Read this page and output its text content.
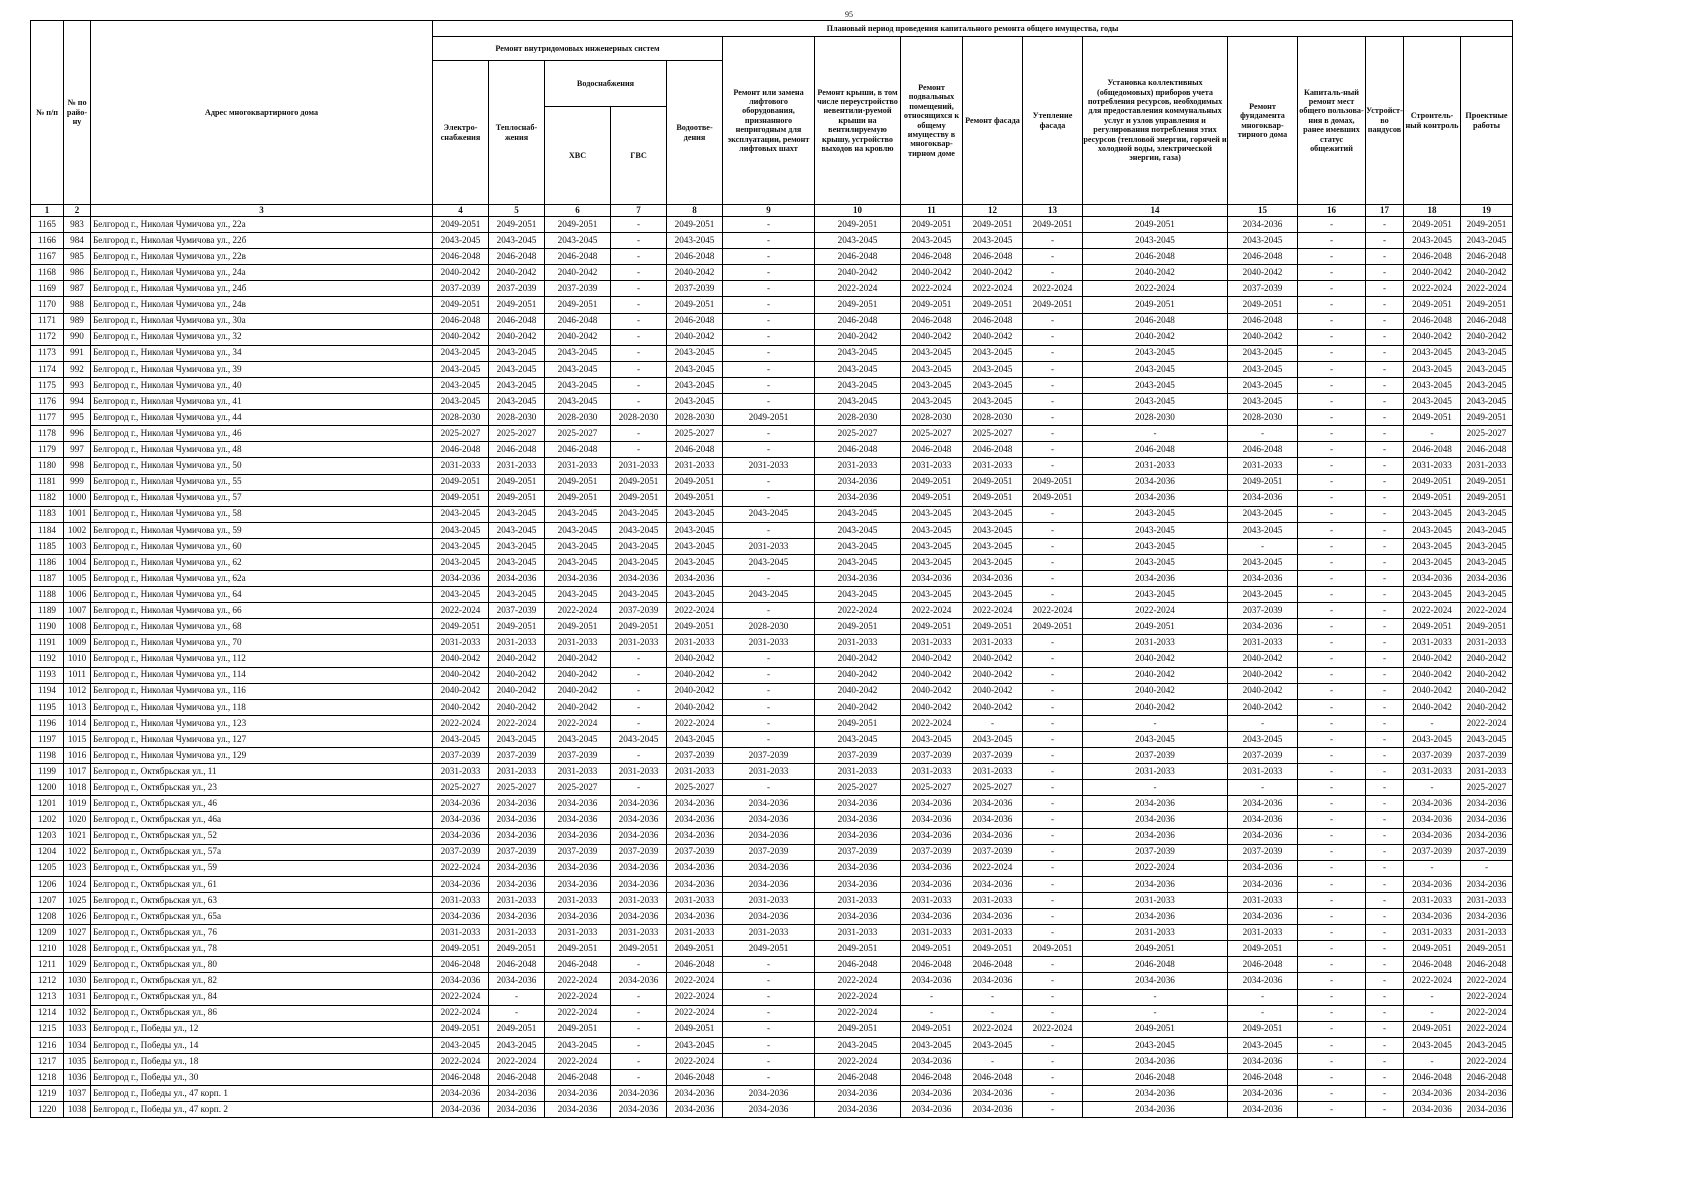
95
№ п/п	№ по райо-ну	Адрес многоквартирного дома	Плановый период проведения капитального ремонта общего имущества, годы															
			Ремонт внутридомовых инженерных систем					Ремонт или замена лифтового оборудования, признанного непригодным для эксплуатации, ремонт лифтовых шахт	Ремонт крыши, в том числе переустройство невентили-руемой крыши на вентилируемую крышу, устройство выходов на кровлю	Ремонт подвальных помещений, относящихся к общему имуществу в многоквар-тирном доме	Ремонт фасада	Утепление фасада	Установка коллективных (общедомовых) приборов учета потребления ресурсов, необходимых для предоставления коммунальных услуг и узлов управления и регулирования потребления этих ресурсов (тепловой энергии, горячей и холодной воды, электрической энергии, газа)	Ремонт фундамента многоквар-тирного дома	Капиталь-ный ремонт мест общего пользова-ния в домах, ранее имевших статус общежитий	Устройст-во пандусов	Строитель-ный контроль	Проектные работы
			Электро-снабжения	Теплоснаб-жения	Водоснабжения		Водоотве-дения											
					ХВС	ГВС												
1	2	3	4	5	6	7	8	9	10	11	12	13	14	15	16	17	18	19
1165	983	Белгород г., Николая Чумичова ул., 22а	2049-2051	2049-2051	2049-2051	-	2049-2051	-	2049-2051	2049-2051	2049-2051	2049-2051	2049-2051	2034-2036	-	-	2049-2051	2049-2051
1166	984	Белгород г., Николая Чумичова ул., 22б	2043-2045	2043-2045	2043-2045	-	2043-2045	-	2043-2045	2043-2045	2043-2045	-	2043-2045	2043-2045	-	-	2043-2045	2043-2045
1167	985	Белгород г., Николая Чумичова ул., 22в	2046-2048	2046-2048	2046-2048	-	2046-2048	-	2046-2048	2046-2048	2046-2048	-	2046-2048	2046-2048	-	-	2046-2048	2046-2048
1168	986	Белгород г., Николая Чумичова ул., 24а	2040-2042	2040-2042	2040-2042	-	2040-2042	-	2040-2042	2040-2042	2040-2042	-	2040-2042	2040-2042	-	-	2040-2042	2040-2042
1169	987	Белгород г., Николая Чумичова ул., 24б	2037-2039	2037-2039	2037-2039	-	2037-2039	-	2022-2024	2022-2024	2022-2024	2022-2024	2022-2024	2037-2039	-	-	2022-2024	2022-2024
1170	988	Белгород г., Николая Чумичова ул., 24в	2049-2051	2049-2051	2049-2051	-	2049-2051	-	2049-2051	2049-2051	2049-2051	2049-2051	2049-2051	2049-2051	-	-	2049-2051	2049-2051
1171	989	Белгород г., Николая Чумичова ул., 30а	2046-2048	2046-2048	2046-2048	-	2046-2048	-	2046-2048	2046-2048	2046-2048	-	2046-2048	2046-2048	-	-	2046-2048	2046-2048
1172	990	Белгород г., Николая Чумичова ул., 32	2040-2042	2040-2042	2040-2042	-	2040-2042	-	2040-2042	2040-2042	2040-2042	-	2040-2042	2040-2042	-	-	2040-2042	2040-2042
1173	991	Белгород г., Николая Чумичова ул., 34	2043-2045	2043-2045	2043-2045	-	2043-2045	-	2043-2045	2043-2045	2043-2045	-	2043-2045	2043-2045	-	-	2043-2045	2043-2045
1174	992	Белгород г., Николая Чумичова ул., 39	2043-2045	2043-2045	2043-2045	-	2043-2045	-	2043-2045	2043-2045	2043-2045	-	2043-2045	2043-2045	-	-	2043-2045	2043-2045
1175	993	Белгород г., Николая Чумичова ул., 40	2043-2045	2043-2045	2043-2045	-	2043-2045	-	2043-2045	2043-2045	2043-2045	-	2043-2045	2043-2045	-	-	2043-2045	2043-2045
1176	994	Белгород г., Николая Чумичова ул., 41	2043-2045	2043-2045	2043-2045	-	2043-2045	-	2043-2045	2043-2045	2043-2045	-	2043-2045	2043-2045	-	-	2043-2045	2043-2045
1177	995	Белгород г., Николая Чумичова ул., 44	2028-2030	2028-2030	2028-2030	2028-2030	2028-2030	2049-2051	2028-2030	2028-2030	2028-2030	-	2028-2030	2028-2030	-	-	2049-2051	2049-2051
1178	996	Белгород г., Николая Чумичова ул., 46	2025-2027	2025-2027	2025-2027	-	2025-2027	-	2025-2027	2025-2027	2025-2027	-	-	-	-	-	-	2025-2027
1179	997	Белгород г., Николая Чумичова ул., 48	2046-2048	2046-2048	2046-2048	-	2046-2048	-	2046-2048	2046-2048	2046-2048	-	2046-2048	2046-2048	-	-	2046-2048	2046-2048
1180	998	Белгород г., Николая Чумичова ул., 50	2031-2033	2031-2033	2031-2033	2031-2033	2031-2033	2031-2033	2031-2033	2031-2033	2031-2033	-	2031-2033	2031-2033	-	-	2031-2033	2031-2033
1181	999	Белгород г., Николая Чумичова ул., 55	2049-2051	2049-2051	2049-2051	2049-2051	2049-2051	-	2034-2036	2049-2051	2049-2051	2049-2051	2034-2036	2049-2051	-	-	2049-2051	2049-2051
1182	1000	Белгород г., Николая Чумичова ул., 57	2049-2051	2049-2051	2049-2051	2049-2051	2049-2051	-	2034-2036	2049-2051	2049-2051	2049-2051	2034-2036	2034-2036	-	-	2049-2051	2049-2051
1183	1001	Белгород г., Николая Чумичова ул., 58	2043-2045	2043-2045	2043-2045	2043-2045	2043-2045	2043-2045	2043-2045	2043-2045	2043-2045	-	2043-2045	2043-2045	-	-	2043-2045	2043-2045
1184	1002	Белгород г., Николая Чумичова ул., 59	2043-2045	2043-2045	2043-2045	2043-2045	2043-2045	-	2043-2045	2043-2045	2043-2045	-	2043-2045	2043-2045	-	-	2043-2045	2043-2045
1185	1003	Белгород г., Николая Чумичова ул., 60	2043-2045	2043-2045	2043-2045	2043-2045	2043-2045	2031-2033	2043-2045	2043-2045	2043-2045	-	2043-2045	-	-	-	2043-2045	2043-2045
1186	1004	Белгород г., Николая Чумичова ул., 62	2043-2045	2043-2045	2043-2045	2043-2045	2043-2045	2043-2045	2043-2045	2043-2045	2043-2045	-	2043-2045	2043-2045	-	-	2043-2045	2043-2045
1187	1005	Белгород г., Николая Чумичова ул., 62а	2034-2036	2034-2036	2034-2036	2034-2036	2034-2036	-	2034-2036	2034-2036	2034-2036	-	2034-2036	2034-2036	-	-	2034-2036	2034-2036
1188	1006	Белгород г., Николая Чумичова ул., 64	2043-2045	2043-2045	2043-2045	2043-2045	2043-2045	2043-2045	2043-2045	2043-2045	2043-2045	-	2043-2045	2043-2045	-	-	2043-2045	2043-2045
1189	1007	Белгород г., Николая Чумичова ул., 66	2022-2024	2037-2039	2022-2024	2037-2039	2022-2024	-	2022-2024	2022-2024	2022-2024	2022-2024	2022-2024	2037-2039	-	-	2022-2024	2022-2024
1190	1008	Белгород г., Николая Чумичова ул., 68	2049-2051	2049-2051	2049-2051	2049-2051	2049-2051	2028-2030	2049-2051	2049-2051	2049-2051	2049-2051	2049-2051	2034-2036	-	-	2049-2051	2049-2051
1191	1009	Белгород г., Николая Чумичова ул., 70	2031-2033	2031-2033	2031-2033	2031-2033	2031-2033	2031-2033	2031-2033	2031-2033	2031-2033	-	2031-2033	2031-2033	-	-	2031-2033	2031-2033
1192	1010	Белгород г., Николая Чумичова ул., 112	2040-2042	2040-2042	2040-2042	-	2040-2042	-	2040-2042	2040-2042	2040-2042	-	2040-2042	2040-2042	-	-	2040-2042	2040-2042
1193	1011	Белгород г., Николая Чумичова ул., 114	2040-2042	2040-2042	2040-2042	-	2040-2042	-	2040-2042	2040-2042	2040-2042	-	2040-2042	2040-2042	-	-	2040-2042	2040-2042
1194	1012	Белгород г., Николая Чумичова ул., 116	2040-2042	2040-2042	2040-2042	-	2040-2042	-	2040-2042	2040-2042	2040-2042	-	2040-2042	2040-2042	-	-	2040-2042	2040-2042
1195	1013	Белгород г., Николая Чумичова ул., 118	2040-2042	2040-2042	2040-2042	-	2040-2042	-	2040-2042	2040-2042	2040-2042	-	2040-2042	2040-2042	-	-	2040-2042	2040-2042
1196	1014	Белгород г., Николая Чумичова ул., 123	2022-2024	2022-2024	2022-2024	-	2022-2024	-	2049-2051	2022-2024	-	-	-	-	-	-	-	2022-2024
1197	1015	Белгород г., Николая Чумичова ул., 127	2043-2045	2043-2045	2043-2045	2043-2045	2043-2045	-	2043-2045	2043-2045	2043-2045	-	2043-2045	2043-2045	-	-	2043-2045	2043-2045
1198	1016	Белгород г., Николая Чумичова ул., 129	2037-2039	2037-2039	2037-2039	-	2037-2039	2037-2039	2037-2039	2037-2039	2037-2039	-	2037-2039	2037-2039	-	-	2037-2039	2037-2039
1199	1017	Белгород г., Октябрьская ул., 11	2031-2033	2031-2033	2031-2033	2031-2033	2031-2033	2031-2033	2031-2033	2031-2033	2031-2033	-	2031-2033	2031-2033	-	-	2031-2033	2031-2033
1200	1018	Белгород г., Октябрьская ул., 23	2025-2027	2025-2027	2025-2027	-	2025-2027	-	2025-2027	2025-2027	2025-2027	-	-	-	-	-	-	2025-2027
1201	1019	Белгород г., Октябрьская ул., 46	2034-2036	2034-2036	2034-2036	2034-2036	2034-2036	2034-2036	2034-2036	2034-2036	2034-2036	-	2034-2036	2034-2036	-	-	2034-2036	2034-2036
1202	1020	Белгород г., Октябрьская ул., 46а	2034-2036	2034-2036	2034-2036	2034-2036	2034-2036	2034-2036	2034-2036	2034-2036	2034-2036	-	2034-2036	2034-2036	-	-	2034-2036	2034-2036
1203	1021	Белгород г., Октябрьская ул., 52	2034-2036	2034-2036	2034-2036	2034-2036	2034-2036	2034-2036	2034-2036	2034-2036	2034-2036	-	2034-2036	2034-2036	-	-	2034-2036	2034-2036
1204	1022	Белгород г., Октябрьская ул., 57а	2037-2039	2037-2039	2037-2039	2037-2039	2037-2039	2037-2039	2037-2039	2037-2039	2037-2039	-	2037-2039	2037-2039	-	-	2037-2039	2037-2039
1205	1023	Белгород г., Октябрьская ул., 59	2022-2024	2034-2036	2034-2036	2034-2036	2034-2036	2034-2036	2034-2036	2034-2036	2022-2024	-	2022-2024	2034-2036	-	-	-	-
1206	1024	Белгород г., Октябрьская ул., 61	2034-2036	2034-2036	2034-2036	2034-2036	2034-2036	2034-2036	2034-2036	2034-2036	2034-2036	-	2034-2036	2034-2036	-	-	2034-2036	2034-2036
1207	1025	Белгород г., Октябрьская ул., 63	2031-2033	2031-2033	2031-2033	2031-2033	2031-2033	2031-2033	2031-2033	2031-2033	2031-2033	-	2031-2033	2031-2033	-	-	2031-2033	2031-2033
1208	1026	Белгород г., Октябрьская ул., 65а	2034-2036	2034-2036	2034-2036	2034-2036	2034-2036	2034-2036	2034-2036	2034-2036	2034-2036	-	2034-2036	2034-2036	-	-	2034-2036	2034-2036
1209	1027	Белгород г., Октябрьская ул., 76	2031-2033	2031-2033	2031-2033	2031-2033	2031-2033	2031-2033	2031-2033	2031-2033	2031-2033	-	2031-2033	2031-2033	-	-	2031-2033	2031-2033
1210	1028	Белгород г., Октябрьская ул., 78	2049-2051	2049-2051	2049-2051	2049-2051	2049-2051	2049-2051	2049-2051	2049-2051	2049-2051	2049-2051	2049-2051	2049-2051	-	-	2049-2051	2049-2051
1211	1029	Белгород г., Октябрьская ул., 80	2046-2048	2046-2048	2046-2048	-	2046-2048	-	2046-2048	2046-2048	2046-2048	-	2046-2048	2046-2048	-	-	2046-2048	2046-2048
1212	1030	Белгород г., Октябрьская ул., 82	2034-2036	2034-2036	2022-2024	2034-2036	2022-2024	-	2022-2024	2034-2036	2034-2036	-	2034-2036	2034-2036	-	-	2022-2024	2022-2024
1213	1031	Белгород г., Октябрьская ул., 84	2022-2024	-	2022-2024	-	2022-2024	-	2022-2024	-	-	-	-	-	-	-	-	2022-2024
1214	1032	Белгород г., Октябрьская ул., 86	2022-2024	-	2022-2024	-	2022-2024	-	2022-2024	-	-	-	-	-	-	-	-	2022-2024
1215	1033	Белгород г., Победы ул., 12	2049-2051	2049-2051	2049-2051	-	2049-2051	-	2049-2051	2049-2051	2022-2024	2022-2024	2049-2051	2049-2051	-	-	2049-2051	2022-2024
1216	1034	Белгород г., Победы ул., 14	2043-2045	2043-2045	2043-2045	-	2043-2045	-	2043-2045	2043-2045	2043-2045	-	2043-2045	2043-2045	-	-	2043-2045	2043-2045
1217	1035	Белгород г., Победы ул., 18	2022-2024	2022-2024	2022-2024	-	2022-2024	-	2022-2024	2034-2036	-	-	2034-2036	2034-2036	-	-	-	2022-2024
1218	1036	Белгород г., Победы ул., 30	2046-2048	2046-2048	2046-2048	-	2046-2048	-	2046-2048	2046-2048	2046-2048	-	2046-2048	2046-2048	-	-	2046-2048	2046-2048
1219	1037	Белгород г., Победы ул., 47 корп. 1	2034-2036	2034-2036	2034-2036	2034-2036	2034-2036	2034-2036	2034-2036	2034-2036	2034-2036	-	2034-2036	2034-2036	-	-	2034-2036	2034-2036
1220	1038	Белгород г., Победы ул., 47 корп. 2	2034-2036	2034-2036	2034-2036	2034-2036	2034-2036	2034-2036	2034-2036	2034-2036	2034-2036	-	2034-2036	2034-2036	-	-	2034-2036	2034-2036
